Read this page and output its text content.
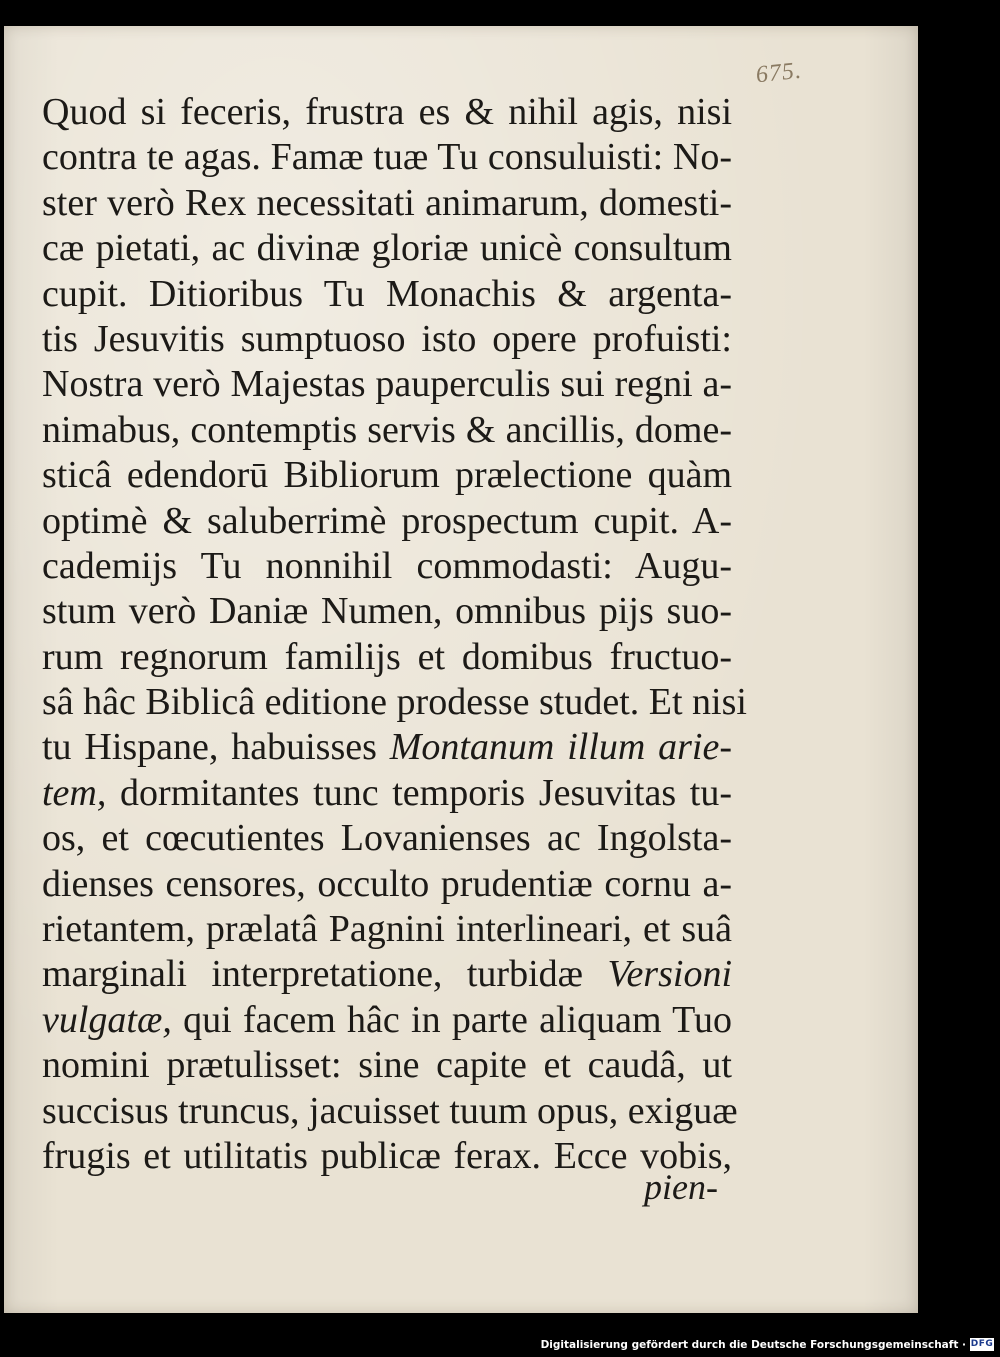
675.
Quod si feceris, frustra es & nihil agis, nisi
contra te agas. Famæ tuæ Tu consuluisti: No-
ster verò Rex necessitati animarum, domesti-
cæ pietati, ac divinæ gloriæ unicè consultum
cupit. Ditioribus Tu Monachis & argenta-
tis Jesuvitis sumptuoso isto opere profuisti:
Nostra verò Majestas pauperculis sui regni a-
nimabus, contemptis servis & ancillis, dome-
sticâ edendorū Bibliorum prælectione quàm
optimè & saluberrimè prospectum cupit. A-
cademijs Tu nonnihil commodasti: Augu-
stum verò Daniæ Numen, omnibus pijs suo-
rum regnorum familijs et domibus fructuo-
sâ hâc Biblicâ editione prodesse studet. Et nisi
tu Hispane, habuisses Montanum illum arie-
tem, dormitantes tunc temporis Jesuvitas tu-
os, et cœcutientes Lovanienses ac Ingolsta-
dienses censores, occulto prudentiæ cornu a-
rietantem, prælatâ Pagnini interlineari, et suâ
marginali interpretatione, turbidæ Versioni
vulgatæ, qui facem hâc in parte aliquam Tuo
nomini prætulisset: sine capite et caudâ, ut
succisus truncus, jacuisset tuum opus, exiguæ
frugis et utilitatis publicæ ferax. Ecce vobis,
pien-
Digitalisierung gefördert durch die Deutsche Forschungsgemeinschaft · DFG
